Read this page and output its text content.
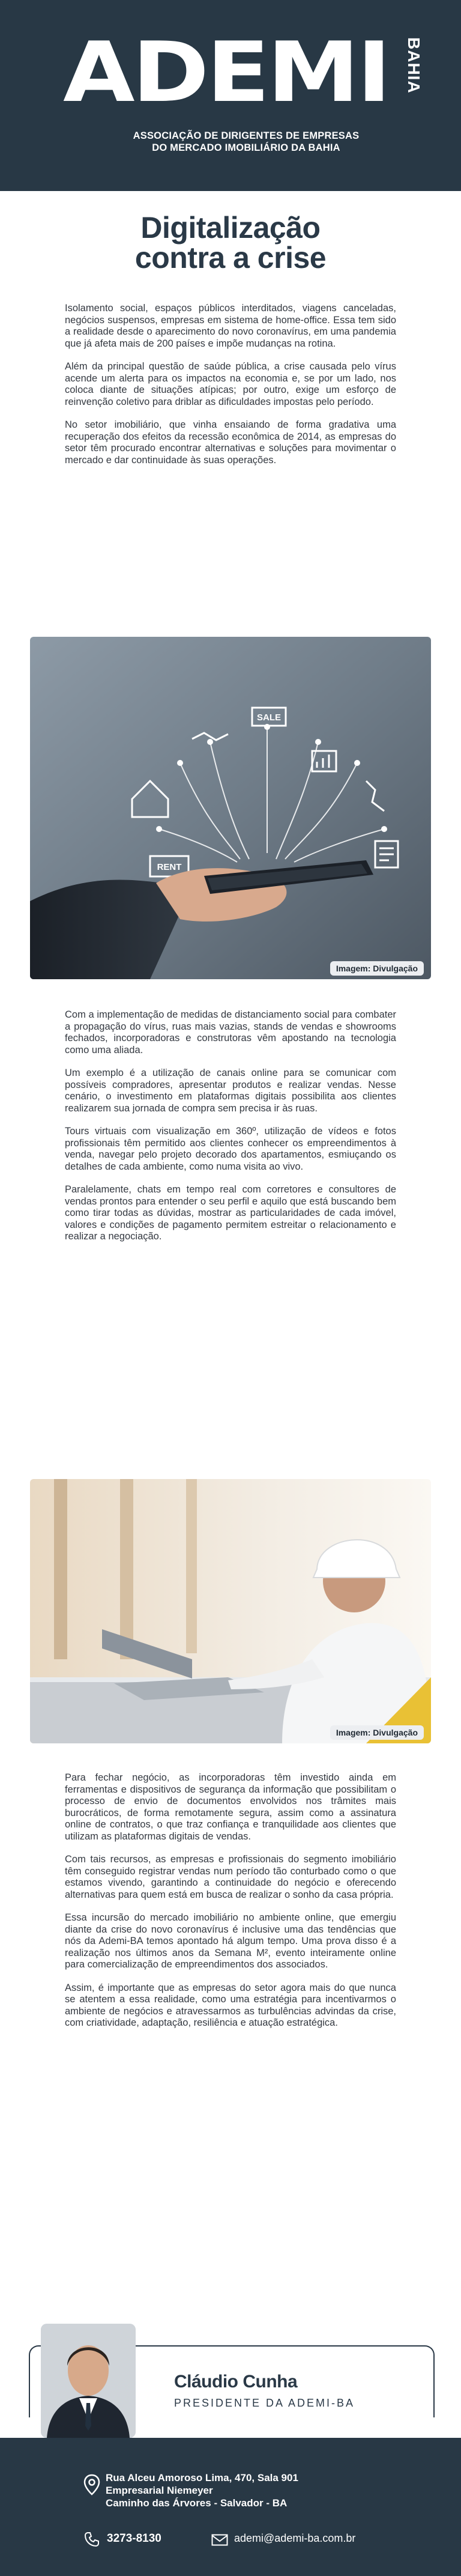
ADEMI BAHIA
ASSOCIAÇÃO DE DIRIGENTES DE EMPRESAS
DO MERCADO IMOBILIÁRIO DA BAHIA
Digitalização
contra a crise

Isolamento social, espaços públicos interditados, viagens canceladas, negócios suspensos, empresas em sistema de home-office. Essa tem sido a realidade desde o aparecimento do novo coronavírus, em uma pandemia que já afeta mais de 200 países e impõe mudanças na rotina.

Além da principal questão de saúde pública, a crise causada pelo vírus acende um alerta para os impactos na economia e, se por um lado, nos coloca diante de situações atípicas; por outro, exige um esforço de reinvenção coletivo para driblar as dificuldades impostas pelo período.

No setor imobiliário, que vinha ensaiando de forma gradativa uma recuperação dos efeitos da recessão econômica de 2014, as empresas do setor têm procurado encontrar alternativas e soluções para movimentar o mercado e dar continuidade às suas operações.

SALE
RENT
Imagem: Divulgação

Com a implementação de medidas de distanciamento social para combater a propagação do vírus, ruas mais vazias, stands de vendas e showrooms fechados, incorporadoras e construtoras vêm apostando na tecnologia como uma aliada.

Um exemplo é a utilização de canais online para se comunicar com possíveis compradores, apresentar produtos e realizar vendas. Nesse cenário, o investimento em plataformas digitais possibilita aos clientes realizarem sua jornada de compra sem precisa ir às ruas.

Tours virtuais com visualização em 360º, utilização de vídeos e fotos profissionais têm permitido aos clientes conhecer os empreendimentos à venda, navegar pelo projeto decorado dos apartamentos, esmiuçando os detalhes de cada ambiente, como numa visita ao vivo.

Paralelamente, chats em tempo real com corretores e consultores de vendas prontos para entender o seu perfil e aquilo que está buscando bem como tirar todas as dúvidas, mostrar as particularidades de cada imóvel, valores e condições de pagamento permitem estreitar o relacionamento e realizar a negociação.

Imagem: Divulgação

Para fechar negócio, as incorporadoras têm investido ainda em ferramentas e dispositivos de segurança da informação que possibilitam o processo de envio de documentos envolvidos nos trâmites mais burocráticos, de forma remotamente segura, assim como a assinatura online de contratos, o que traz confiança e tranquilidade aos clientes que utilizam as plataformas digitais de vendas.

Com tais recursos, as empresas e profissionais do segmento imobiliário têm conseguido registrar vendas num período tão conturbado como o que estamos vivendo, garantindo a continuidade do negócio e oferecendo alternativas para quem está em busca de realizar o sonho da casa própria.

Essa incursão do mercado imobiliário no ambiente online, que emergiu diante da crise do novo coronavírus é inclusive uma das tendências que nós da Ademi-BA temos apontado há algum tempo. Uma prova disso é a realização nos últimos anos da Semana M², evento inteiramente online para comercialização de empreendimentos dos associados.

Assim, é importante que as empresas do setor agora mais do que nunca se atentem a essa realidade, como uma estratégia para incentivarmos o ambiente de negócios e atravessarmos as turbulências advindas da crise, com criatividade, adaptação, resiliência e atuação estratégica.

Cláudio Cunha
PRESIDENTE DA ADEMI-BA
Rua Alceu Amoroso Lima, 470, Sala 901
Empresarial Niemeyer
Caminho das Árvores - Salvador - BA
3273-8130	ademi@ademi-ba.com.br
